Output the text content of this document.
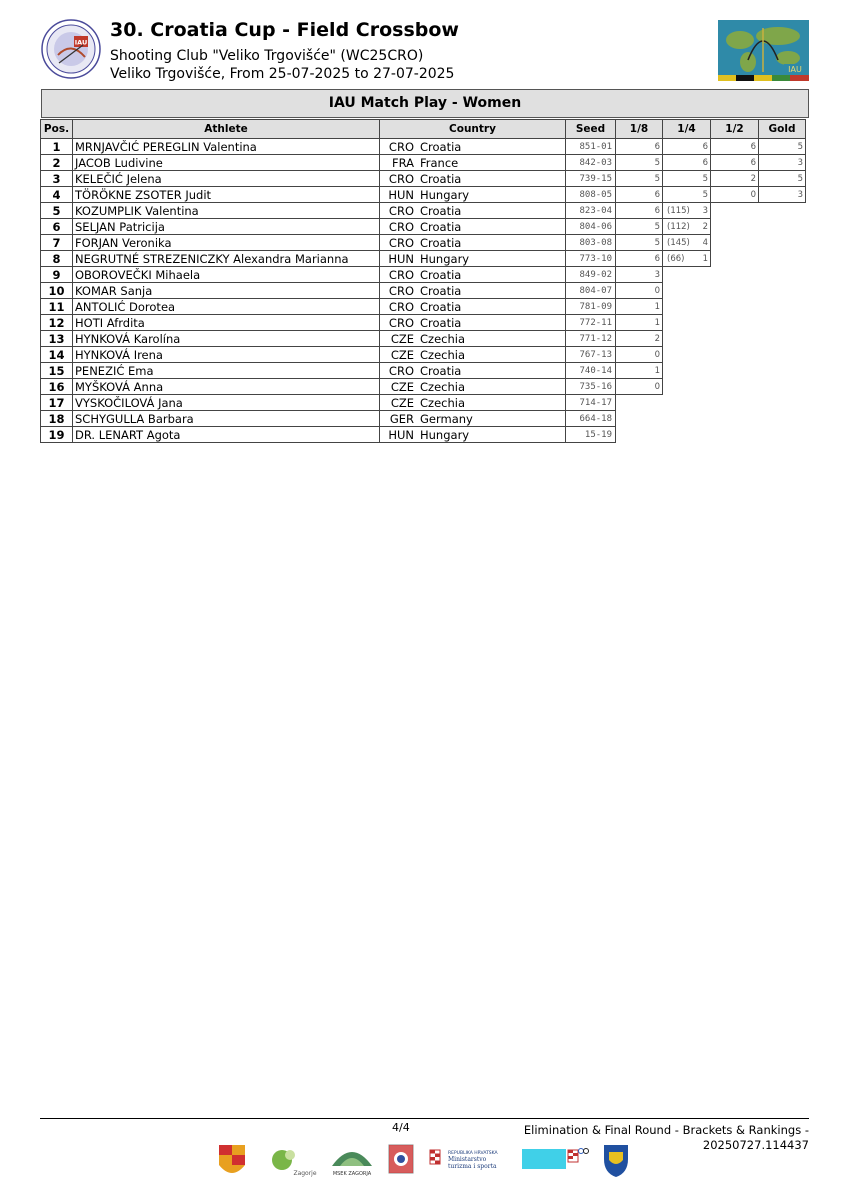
IAU
30. Croatia Cup - Field Crossbow
Shooting Club "Veliko Trgovišće" (WC25CRO)
Veliko Trgovišće, From 25-07-2025 to 27-07-2025	IAU
IAU Match Play - Women
Pos.	Athlete	Country	Seed	1/8	1/4	1/2	Gold
1	MRNJAVČIĆ PEREGLIN Valentina	CRO Croatia	851-01	6	6	6	5
2	JACOB Ludivine	FRA France	842-03	5	6	6	3
3	KELEČIĆ Jelena	CRO Croatia	739-15	5	5	2	5
4	TÖRÖKNE ZSOTER Judit	HUN Hungary	808-05	6	5	0	3
5	KOZUMPLIK Valentina	CRO Croatia	823-04	6	(115) 3		
6	SELJAN Patricija	CRO Croatia	804-06	5	(112) 2		
7	FORJAN Veronika	CRO Croatia	803-08	5	(145) 4		
8	NEGRUTNÉ STREZENICZKY Alexandra Marianna	HUN Hungary	773-10	6	(66) 1		
9	OBOROVEČKI Mihaela	CRO Croatia	849-02	3			
10	KOMAR Sanja	CRO Croatia	804-07	0			
11	ANTOLIĆ Dorotea	CRO Croatia	781-09	1			
12	HOTI Afrdita	CRO Croatia	772-11	1			
13	HYNKOVÁ Karolína	CZE Czechia	771-12	2			
14	HYNKOVÁ Irena	CZE Czechia	767-13	0			
15	PENEZIĆ Ema	CRO Croatia	740-14	1			
16	MYŠKOVÁ Anna	CZE Czechia	735-16	0			
17	VYSKOČILOVÁ Jana	CZE Czechia	714-17				
18	SCHYGULLA Barbara	GER Germany	664-18				
19	DR. LENART Agota	HUN Hungary	15-19				
4/4	Elimination & Final Round - Brackets & Rankings -
20250727.114437
Zagorje	MSEK ZAGORJA
REPUBLIKA HRVATSKA
Ministarstvo
turizma i sporta
